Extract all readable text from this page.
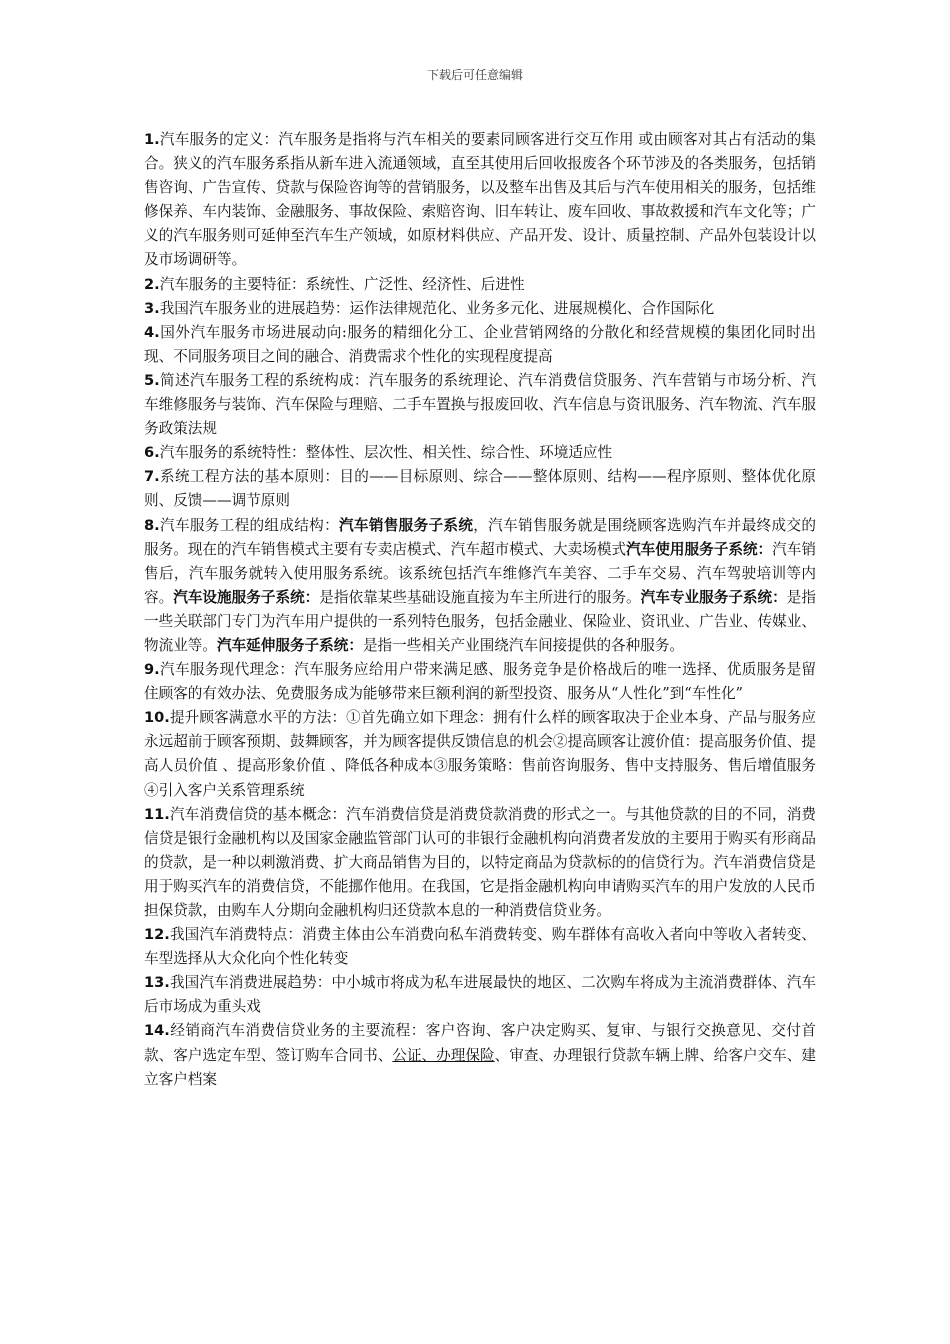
下载后可任意编辑

1.汽车服务的定义：汽车服务是指将与汽车相关的要素同顾客进行交互作用 或由顾客对其占有活动的集合。狭义的汽车服务系指从新车进入流通领域，直至其使用后回收报废各个环节涉及的各类服务，包括销售咨询、广告宣传、贷款与保险咨询等的营销服务，以及整车出售及其后与汽车使用相关的服务，包括维修保养、车内装饰、金融服务、事故保险、索赔咨询、旧车转让、废车回收、事故救援和汽车文化等；广义的汽车服务则可延伸至汽车生产领域，如原材料供应、产品开发、设计、质量控制、产品外包装设计以及市场调研等。

2.汽车服务的主要特征：系统性、广泛性、经济性、后进性

3.我国汽车服务业的进展趋势：运作法律规范化、业务多元化、进展规模化、合作国际化

4.国外汽车服务市场进展动向:服务的精细化分工、企业营销网络的分散化和经营规模的集团化同时出现、不同服务项目之间的融合、消费需求个性化的实现程度提高

5.简述汽车服务工程的系统构成：汽车服务的系统理论、汽车消费信贷服务、汽车营销与市场分析、汽车维修服务与装饰、汽车保险与理赔、二手车置换与报废回收、汽车信息与资讯服务、汽车物流、汽车服务政策法规

6.汽车服务的系统特性：整体性、层次性、相关性、综合性、环境适应性

7.系统工程方法的基本原则：目的——目标原则、综合——整体原则、结构——程序原则、整体优化原则、反馈——调节原则

8.汽车服务工程的组成结构：汽车销售服务子系统，汽车销售服务就是围绕顾客选购汽车并最终成交的服务。现在的汽车销售模式主要有专卖店模式、汽车超市模式、大卖场模式汽车使用服务子系统：汽车销售后，汽车服务就转入使用服务系统。该系统包括汽车维修汽车美容、二手车交易、汽车驾驶培训等内容。汽车设施服务子系统：是指依靠某些基础设施直接为车主所进行的服务。汽车专业服务子系统：是指一些关联部门专门为汽车用户提供的一系列特色服务，包括金融业、保险业、资讯业、广告业、传媒业、物流业等。汽车延伸服务子系统：是指一些相关产业围绕汽车间接提供的各种服务。

9.汽车服务现代理念：汽车服务应给用户带来满足感、服务竞争是价格战后的唯一选择、优质服务是留住顾客的有效办法、免费服务成为能够带来巨额利润的新型投资、服务从“人性化”到“车性化”

10.提升顾客满意水平的方法：①首先确立如下理念：拥有什么样的顾客取决于企业本身、产品与服务应永远超前于顾客预期、鼓舞顾客，并为顾客提供反馈信息的机会②提高顾客让渡价值：提高服务价值、提高人员价值 、提高形象价值 、降低各种成本③服务策略：售前咨询服务、售中支持服务、售后增值服务④引入客户关系管理系统

11.汽车消费信贷的基本概念：汽车消费信贷是消费贷款消费的形式之一。与其他贷款的目的不同，消费信贷是银行金融机构以及国家金融监管部门认可的非银行金融机构向消费者发放的主要用于购买有形商品的贷款，是一种以刺激消费、扩大商品销售为目的，以特定商品为贷款标的的信贷行为。汽车消费信贷是用于购买汽车的消费信贷，不能挪作他用。在我国，它是指金融机构向申请购买汽车的用户发放的人民币担保贷款，由购车人分期向金融机构归还贷款本息的一种消费信贷业务。

12.我国汽车消费特点：消费主体由公车消费向私车消费转变、购车群体有高收入者向中等收入者转变、车型选择从大众化向个性化转变

13.我国汽车消费进展趋势：中小城市将成为私车进展最快的地区、二次购车将成为主流消费群体、汽车后市场成为重头戏

14.经销商汽车消费信贷业务的主要流程：客户咨询、客户决定购买、复审、与银行交换意见、交付首款、客户选定车型、签订购车合同书、公证、办理保险、审查、办理银行贷款车辆上牌、给客户交车、建立客户档案
